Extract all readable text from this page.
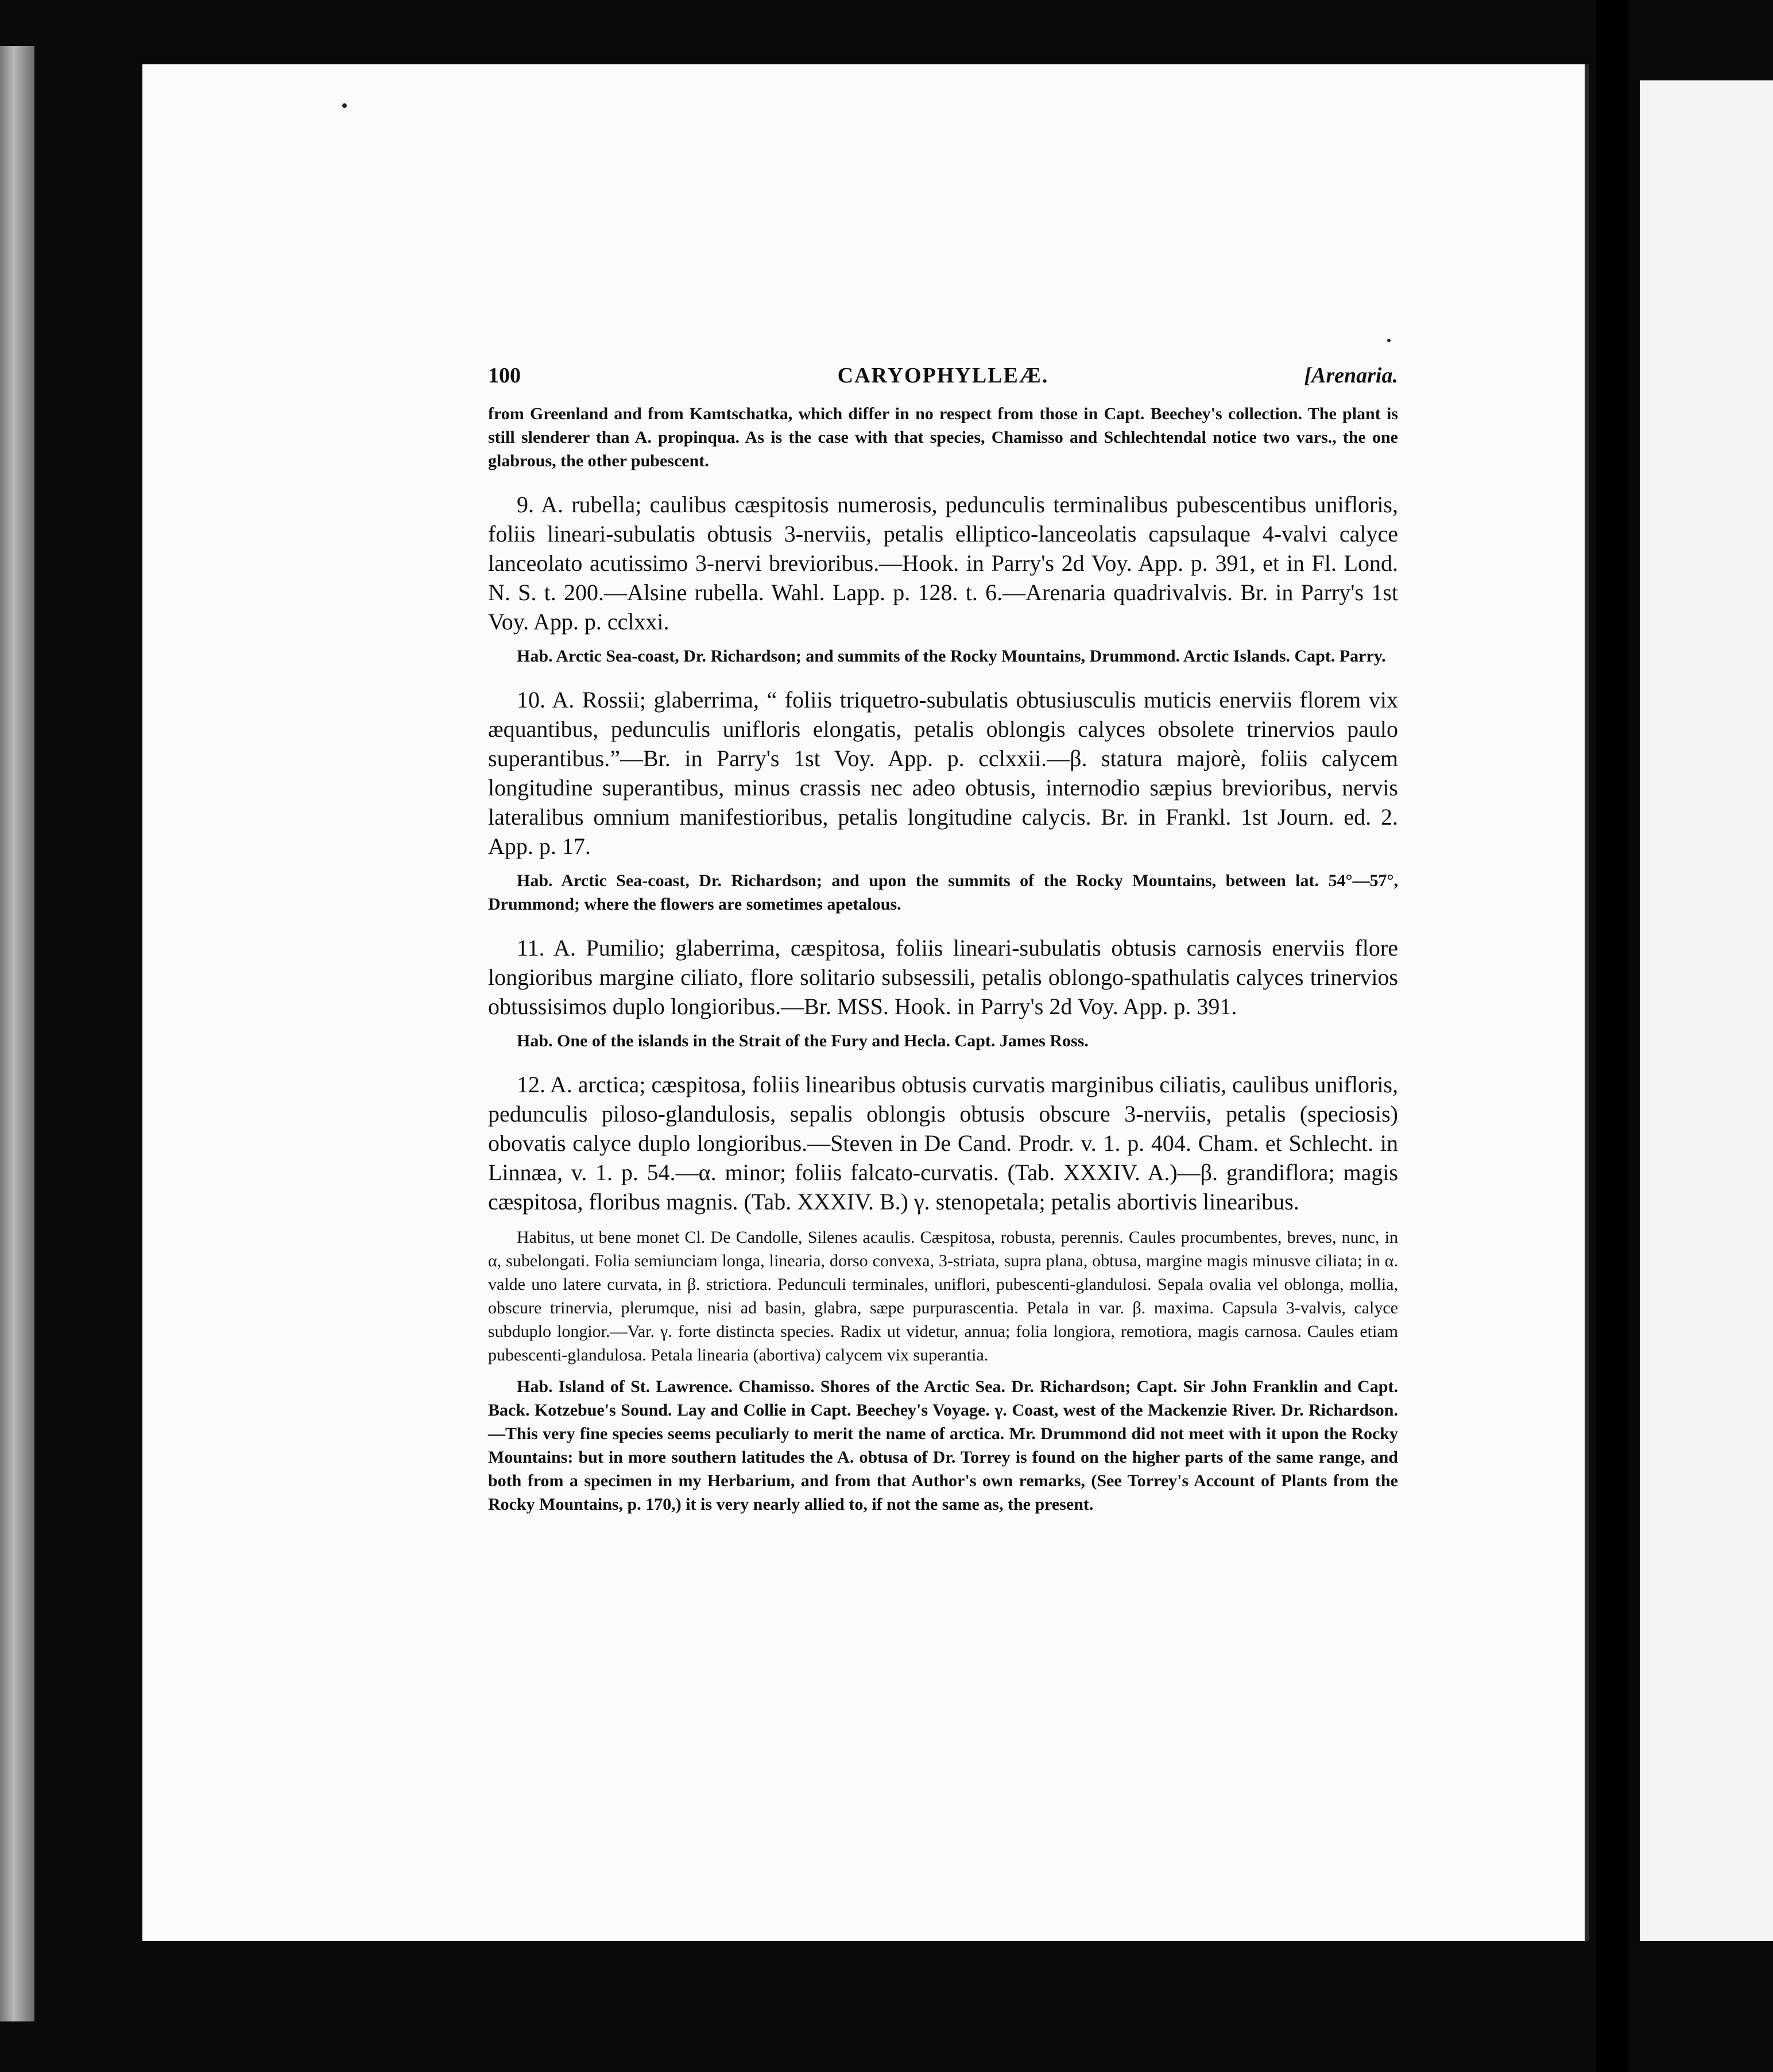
100	CARYOPHYLLEÆ.	[Arenaria.

from Greenland and from Kamtschatka, which differ in no respect from those in Capt. Beechey's collection. The plant is still slenderer than A. propinqua. As is the case with that species, Chamisso and Schlechtendal notice two vars., the one glabrous, the other pubescent.

9. A. rubella; caulibus cæspitosis numerosis, pedunculis terminalibus pubescentibus unifloris, foliis lineari-subulatis obtusis 3-nerviis, petalis elliptico-lanceolatis capsulaque 4-valvi calyce lanceolato acutissimo 3-nervi brevioribus.—Hook. in Parry's 2d Voy. App. p. 391, et in Fl. Lond. N. S. t. 200.—Alsine rubella. Wahl. Lapp. p. 128. t. 6.—Arenaria quadrivalvis. Br. in Parry's 1st Voy. App. p. cclxxi.

Hab. Arctic Sea-coast, Dr. Richardson; and summits of the Rocky Mountains, Drummond. Arctic Islands. Capt. Parry.

10. A. Rossii; glaberrima, “ foliis triquetro-subulatis obtusiusculis muticis enerviis florem vix æquantibus, pedunculis unifloris elongatis, petalis oblongis calyces obsolete trinervios paulo superantibus.”—Br. in Parry's 1st Voy. App. p. cclxxii.—β. statura majorè, foliis calycem longitudine superantibus, minus crassis nec adeo obtusis, internodio sæpius brevioribus, nervis lateralibus omnium manifestioribus, petalis longitudine calycis. Br. in Frankl. 1st Journ. ed. 2. App. p. 17.

Hab. Arctic Sea-coast, Dr. Richardson; and upon the summits of the Rocky Mountains, between lat. 54°—57°, Drummond; where the flowers are sometimes apetalous.

11. A. Pumilio; glaberrima, cæspitosa, foliis lineari-subulatis obtusis carnosis enerviis flore longioribus margine ciliato, flore solitario subsessili, petalis oblongo-spathulatis calyces trinervios obtussisimos duplo longioribus.—Br. MSS. Hook. in Parry's 2d Voy. App. p. 391.

Hab. One of the islands in the Strait of the Fury and Hecla. Capt. James Ross.

12. A. arctica; cæspitosa, foliis linearibus obtusis curvatis marginibus ciliatis, caulibus unifloris, pedunculis piloso-glandulosis, sepalis oblongis obtusis obscure 3-nerviis, petalis (speciosis) obovatis calyce duplo longioribus.—Steven in De Cand. Prodr. v. 1. p. 404. Cham. et Schlecht. in Linnæa, v. 1. p. 54.—α. minor; foliis falcato-curvatis. (Tab. XXXIV. A.)—β. grandiflora; magis cæspitosa, floribus magnis. (Tab. XXXIV. B.) γ. stenopetala; petalis abortivis linearibus.

Habitus, ut bene monet Cl. De Candolle, Silenes acaulis. Cæspitosa, robusta, perennis. Caules procumbentes, breves, nunc, in α, subelongati. Folia semiunciam longa, linearia, dorso convexa, 3-striata, supra plana, obtusa, margine magis minusve ciliata; in α. valde uno latere curvata, in β. strictiora. Pedunculi terminales, uniflori, pubescenti-glandulosi. Sepala ovalia vel oblonga, mollia, obscure trinervia, plerumque, nisi ad basin, glabra, sæpe purpurascentia. Petala in var. β. maxima. Capsula 3-valvis, calyce subduplo longior.—Var. γ. forte distincta species. Radix ut videtur, annua; folia longiora, remotiora, magis carnosa. Caules etiam pubescenti-glandulosa. Petala linearia (abortiva) calycem vix superantia.

Hab. Island of St. Lawrence. Chamisso. Shores of the Arctic Sea. Dr. Richardson; Capt. Sir John Franklin and Capt. Back. Kotzebue's Sound. Lay and Collie in Capt. Beechey's Voyage. γ. Coast, west of the Mackenzie River. Dr. Richardson.—This very fine species seems peculiarly to merit the name of arctica. Mr. Drummond did not meet with it upon the Rocky Mountains: but in more southern latitudes the A. obtusa of Dr. Torrey is found on the higher parts of the same range, and both from a specimen in my Herbarium, and from that Author's own remarks, (See Torrey's Account of Plants from the Rocky Mountains, p. 170,) it is very nearly allied to, if not the same as, the present.
